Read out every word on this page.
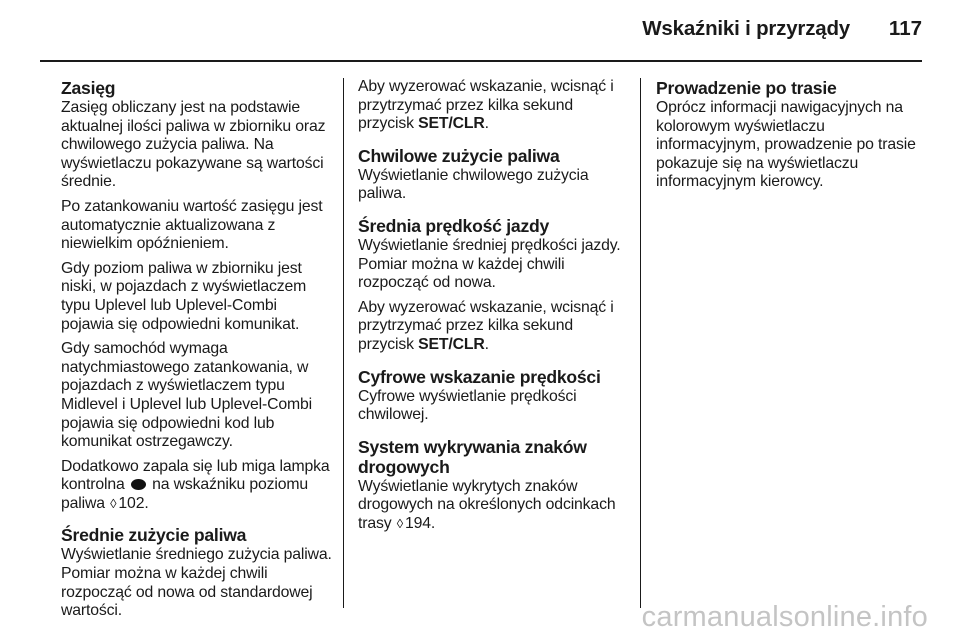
Wskaźniki i przyrządy	117
Zasięg

Zasięg obliczany jest na podstawie aktualnej ilości paliwa w zbiorniku oraz chwilowego zużycia paliwa. Na wyświetlaczu pokazywane są wartości średnie.

Po zatankowaniu wartość zasięgu jest automatycznie aktualizowana z niewielkim opóźnieniem.

Gdy poziom paliwa w zbiorniku jest niski, w pojazdach z wyświetlaczem typu Uplevel lub Uplevel-Combi pojawia się odpowiedni komunikat.

Gdy samochód wymaga natychmiastowego zatankowania, w pojazdach z wyświetlaczem typu Midlevel i Uplevel lub Uplevel-Combi pojawia się odpowiedni kod lub komunikat ostrzegawczy.

Dodatkowo zapala się lub miga lampka kontrolna na wskaźniku poziomu paliwa ◊ 102.

Średnie zużycie paliwa

Wyświetlanie średniego zużycia paliwa. Pomiar można w każdej chwili rozpocząć od nowa od standardowej wartości.

Aby wyzerować wskazanie, wcisnąć i przytrzymać przez kilka sekund przycisk SET/CLR.

Chwilowe zużycie paliwa

Wyświetlanie chwilowego zużycia paliwa.

Średnia prędkość jazdy

Wyświetlanie średniej prędkości jazdy. Pomiar można w każdej chwili rozpocząć od nowa.

Aby wyzerować wskazanie, wcisnąć i przytrzymać przez kilka sekund przycisk SET/CLR.

Cyfrowe wskazanie prędkości

Cyfrowe wyświetlanie prędkości chwilowej.

System wykrywania znaków drogowych

Wyświetlanie wykrytych znaków drogowych na określonych odcinkach trasy ◊ 194.

Prowadzenie po trasie

Oprócz informacji nawigacyjnych na kolorowym wyświetlaczu informacyjnym, prowadzenie po trasie pokazuje się na wyświetlaczu informacyjnym kierowcy.

carmanualsonline.info
